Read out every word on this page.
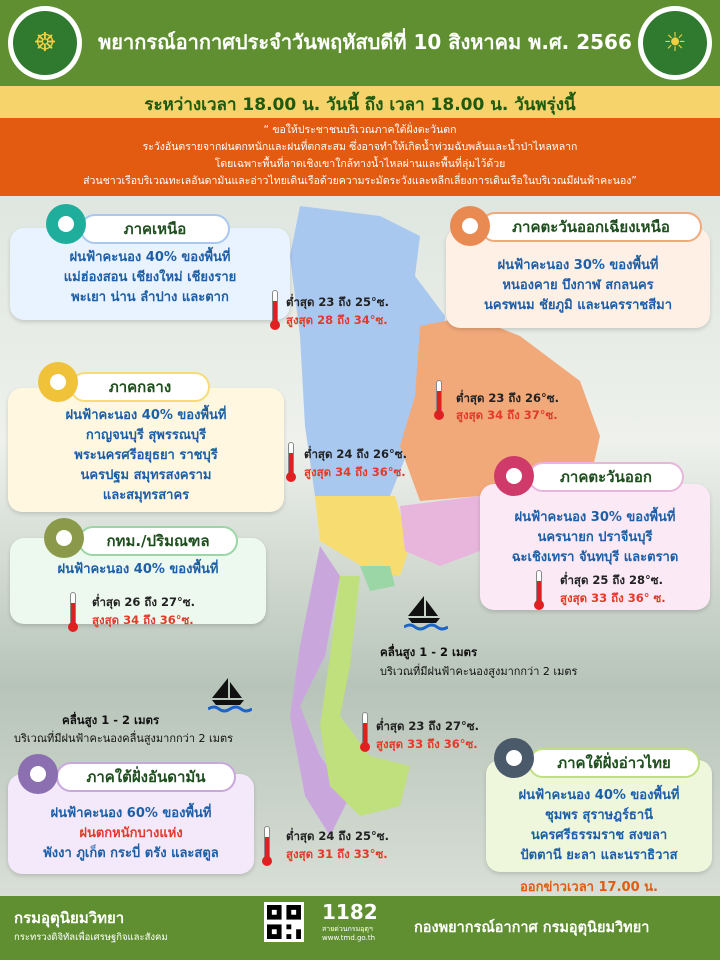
☸	☀
พยากรณ์อากาศประจำวันพฤหัสบดีที่ 10 สิงหาคม พ.ศ. 2566
ระหว่างเวลา 18.00 น. วันนี้ ถึง เวลา 18.00 น. วันพรุ่งนี้
“ ขอให้ประชาชนบริเวณภาคใต้ฝั่งตะวันตก
ระวังอันตรายจากฝนตกหนักและฝนที่ตกสะสม ซึ่งอาจทำให้เกิดน้ำท่วมฉับพลันและน้ำป่าไหลหลาก
โดยเฉพาะพื้นที่ลาดเชิงเขาใกล้ทางน้ำไหลผ่านและพื้นที่ลุ่มไว้ด้วย
ส่วนชาวเรือบริเวณทะเลอันดามันและอ่าวไทยเดินเรือด้วยความระมัดระวังและหลีกเลี่ยงการเดินเรือในบริเวณมีฝนฟ้าคะนอง”
ฝนฟ้าคะนอง 40% ของพื้นที่
แม่ฮ่องสอน เชียงใหม่ เชียงราย
พะเยา น่าน ลำปาง และตาก
ภาคเหนือ
ต่ำสุด 23 ถึง 25°ซ.
สูงสุด 28 ถึง 34°ซ.
ฝนฟ้าคะนอง 30% ของพื้นที่
หนองคาย บึงกาฬ สกลนคร
นครพนม ชัยภูมิ และนครราชสีมา
ภาคตะวันออกเฉียงเหนือ
ต่ำสุด 23 ถึง 26°ซ.
สูงสุด 34 ถึง 37°ซ.
ฝนฟ้าคะนอง 40% ของพื้นที่
กาญจนบุรี สุพรรณบุรี
พระนครศรีอยุธยา ราชบุรี
นครปฐม สมุทรสงคราม
และสมุทรสาคร
ภาคกลาง
ต่ำสุด 24 ถึง 26°ซ.
สูงสุด 34 ถึง 36°ซ.
ฝนฟ้าคะนอง 30% ของพื้นที่
นครนายก ปราจีนบุรี
ฉะเชิงเทรา จันทบุรี และตราด
ภาคตะวันออก
ต่ำสุด 25 ถึง 28°ซ.
สูงสุด 33 ถึง 36° ซ.
ฝนฟ้าคะนอง 40% ของพื้นที่
กทม./ปริมณฑล
ต่ำสุด 26 ถึง 27°ซ.
สูงสุด 34 ถึง 36°ซ.
คลื่นสูง 1 - 2 เมตร
บริเวณที่มีฝนฟ้าคะนองสูงมากกว่า 2 เมตร
คลื่นสูง 1 - 2 เมตร
บริเวณที่มีฝนฟ้าคะนองคลื่นสูงมากกว่า 2 เมตร
ต่ำสุด 23 ถึง 27°ซ.
สูงสุด 33 ถึง 36°ซ.
ฝนฟ้าคะนอง 60% ของพื้นที่
ฝนตกหนักบางแห่ง
พังงา ภูเก็ต กระบี่ ตรัง และสตูล
ภาคใต้ฝั่งอันดามัน
ต่ำสุด 24 ถึง 25°ซ.
สูงสุด 31 ถึง 33°ซ.
ฝนฟ้าคะนอง 40% ของพื้นที่
ชุมพร สุราษฎร์ธานี
นครศรีธรรมราช สงขลา
ปัตตานี ยะลา และนราธิวาส
ภาคใต้ฝั่งอ่าวไทย
ออกข่าวเวลา 17.00 น.
กรมอุตุนิยมวิทยา
กระทรวงดิจิทัลเพื่อเศรษฐกิจและสังคม
1182
สายด่วนกรมอุตุฯ
www.tmd.go.th
กองพยากรณ์อากาศ กรมอุตุนิยมวิทยา
